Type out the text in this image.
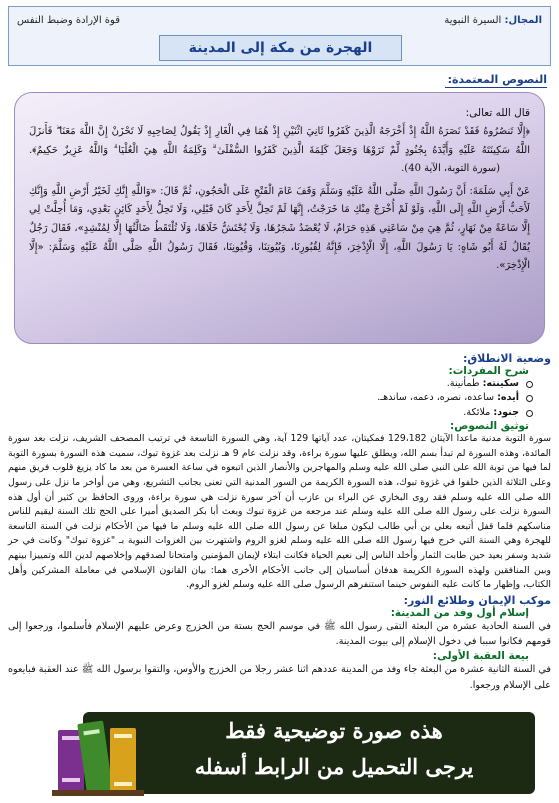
المجال: السيرة النبوية
قوة الإرادة وضبط النفس
الهجرة من مكة إلى المدينة
النصوص المعتمدة:
قال الله تعالى:

﴿إِلَّا تَنصُرُوهُ فَقَدْ نَصَرَهُ اللَّهُ إِذْ أَخْرَجَهُ الَّذِينَ كَفَرُوا ثَانِيَ اثْنَيْنِ إِذْ هُمَا فِي الْغَارِ إِذْ يَقُولُ لِصَاحِبِهِ لَا تَحْزَنْ إِنَّ اللَّهَ مَعَنَا ۖ فَأَنزَلَ اللَّهُ سَكِينَتَهُ عَلَيْهِ وَأَيَّدَهُ بِجُنُودٍ لَّمْ تَرَوْهَا وَجَعَلَ كَلِمَةَ الَّذِينَ كَفَرُوا السُّفْلَىٰ ۗ وَكَلِمَةُ اللَّهِ هِيَ الْعُلْيَا ۗ وَاللَّهُ عَزِيزٌ حَكِيمٌ﴾.(سورة التوبة، الآية 40).

عَنْ أَبِي سَلَمَةَ: أَنَّ رَسُولَ اللَّهِ صَلَّى اللَّهُ عَلَيْهِ وَسَلَّمَ وَقَفَ عَامَ الْفَتْحِ عَلَى الْحَجُونِ، ثُمَّ قَالَ: «وَاللَّهِ إِنَّكِ لَخَيْرُ أَرْضِ اللَّهِ وَإِنَّكِ لَأَحَبُّ أَرْضِ اللَّهِ إِلَى اللَّهِ، وَلَوْ لَمْ أُخْرَجْ مِنْكِ مَا خَرَجْتُ، إِنَّهَا لَمْ تَحِلَّ لِأَحَدٍ كَانَ قَبْلِي، وَلَا تَحِلُّ لِأَحَدٍ كَائِنٍ بَعْدِي، وَمَا أُحِلَّتْ لِي إِلَّا سَاعَةً مِنْ نَهَارٍ، ثُمَّ هِيَ مِنْ سَاعَتِي هَذِهِ حَرَامٌ، لَا يُعْضَدُ شَجَرُهَا، وَلَا يُحْتَشُّ خَلَاهَا، وَلَا تُلْتَقَطُ ضَالَّتُهَا إِلَّا لِمُنْشِدٍ»، فَقَالَ رَجُلٌ يُقَالُ لَهُ أَبُو شَاهٍ: يَا رَسُولَ اللَّهِ، إِلَّا الْإِذْخِرَ، فَإِنَّهُ لِقُبُورِنَا، وَبُيُوتِنَا، وَقُيُونِنَا، فَقَالَ رَسُولُ اللَّهِ صَلَّى اللَّهُ عَلَيْهِ وَسَلَّمَ: «إِلَّا الْإِذْخِرَ».

وضعية الانطلاق:
شرح المفردات:
سكينته: طمأنينة.
أيده: ساعده، نصره، دعمه، ساندهـ.
جنود: ملائكة.
توثيق النصوص:

سورة التوبة مدنية ماعدا الآيتان 129،182 فمكيتان، عدد آياتها 129 آية، وهي السورة التاسعة في ترتيب المصحف الشريف، نزلت بعد سورة المائدة، وهذه السورة لم تبدأ بسم الله، ويطلق عليها سورة براءة، وقد نزلت عام 9 هـ نزلت بعد غزوة تبوك، سميت هذه السورة بسورة التوبة لما فيها من توبة الله على النبي صلى الله عليه وسلم والمهاجرين والأنصار الذين اتبعوه في ساعة العسرة من بعد ما كاد يزيغ قلوب فريق منهم وعلى الثلاثة الذين خلفوا في غزوة تبوك، هذه السورة الكريمة من السور المدنية التي تعنى بجانب التشريع، وهي من أواخر ما نزل على رسول الله صلى الله عليه وسلم فقد روى البخاري عن البراء بن عازب أن آخر سورة نزلت هي سورة براءة، وروى الحافظ بن كثير أن أول هذه السورة نزلت على رسول الله صلى الله عليه وسلم عند مرجعه من غزوة تبوك وبعث أبا بكر الصديق أميرا على الحج تلك السنة ليقيم للناس مناسكهم فلما قفل أتبعه بعلي بن أبي طالب ليكون مبلغا عن رسول الله صلى الله عليه وسلم ما فيها من الأحكام نزلت في السنة التاسعة للهجرة وهي السنة التي خرج فيها رسول الله صلى الله عليه وسلم لغزو الروم واشتهرت بين الغزوات النبوية بـ "غزوة تبوك" وكانت في حر شديد وسفر بعيد حين طابت الثمار وأخلد الناس إلى نعيم الحياة فكانت ابتلاء لإيمان المؤمنين وامتحانا لصدقهم وإخلاصهم لدين الله وتمييزا بينهم وبين المنافقين ولهذه السورة الكريمة هدفان أساسيان إلى جانب الأحكام الأخرى هما: بيان القانون الإسلامي في معاملة المشركين وأهل الكتاب، وإظهار ما كانت عليه النفوس حينما استنفرهم الرسول صلى الله عليه وسلم لغزو الروم.

موكب الإيمان وطلائع النور:
إسلام أول وفد من المدينة:

في السنة الحادية عشرة من البعثة التقى رسول الله ﷺ في موسم الحج بستة من الخزرج وعرض عليهم الإسلام فأسلموا، ورجعوا إلى قومهم فكانوا سببا في دخول الإسلام إلى بيوت المدينة.

بيعة العقبة الأولى:

في السنة الثانية عشرة من البعثة جاء وفد من المدينة عددهم اثنا عشر رجلا من الخزرج والأوس، والتقوا برسول الله ﷺ عند العقبة فبايعوه على الإسلام ورجعوا.

هذه صورة توضيحية فقط
يرجى التحميل من الرابط أسفله
